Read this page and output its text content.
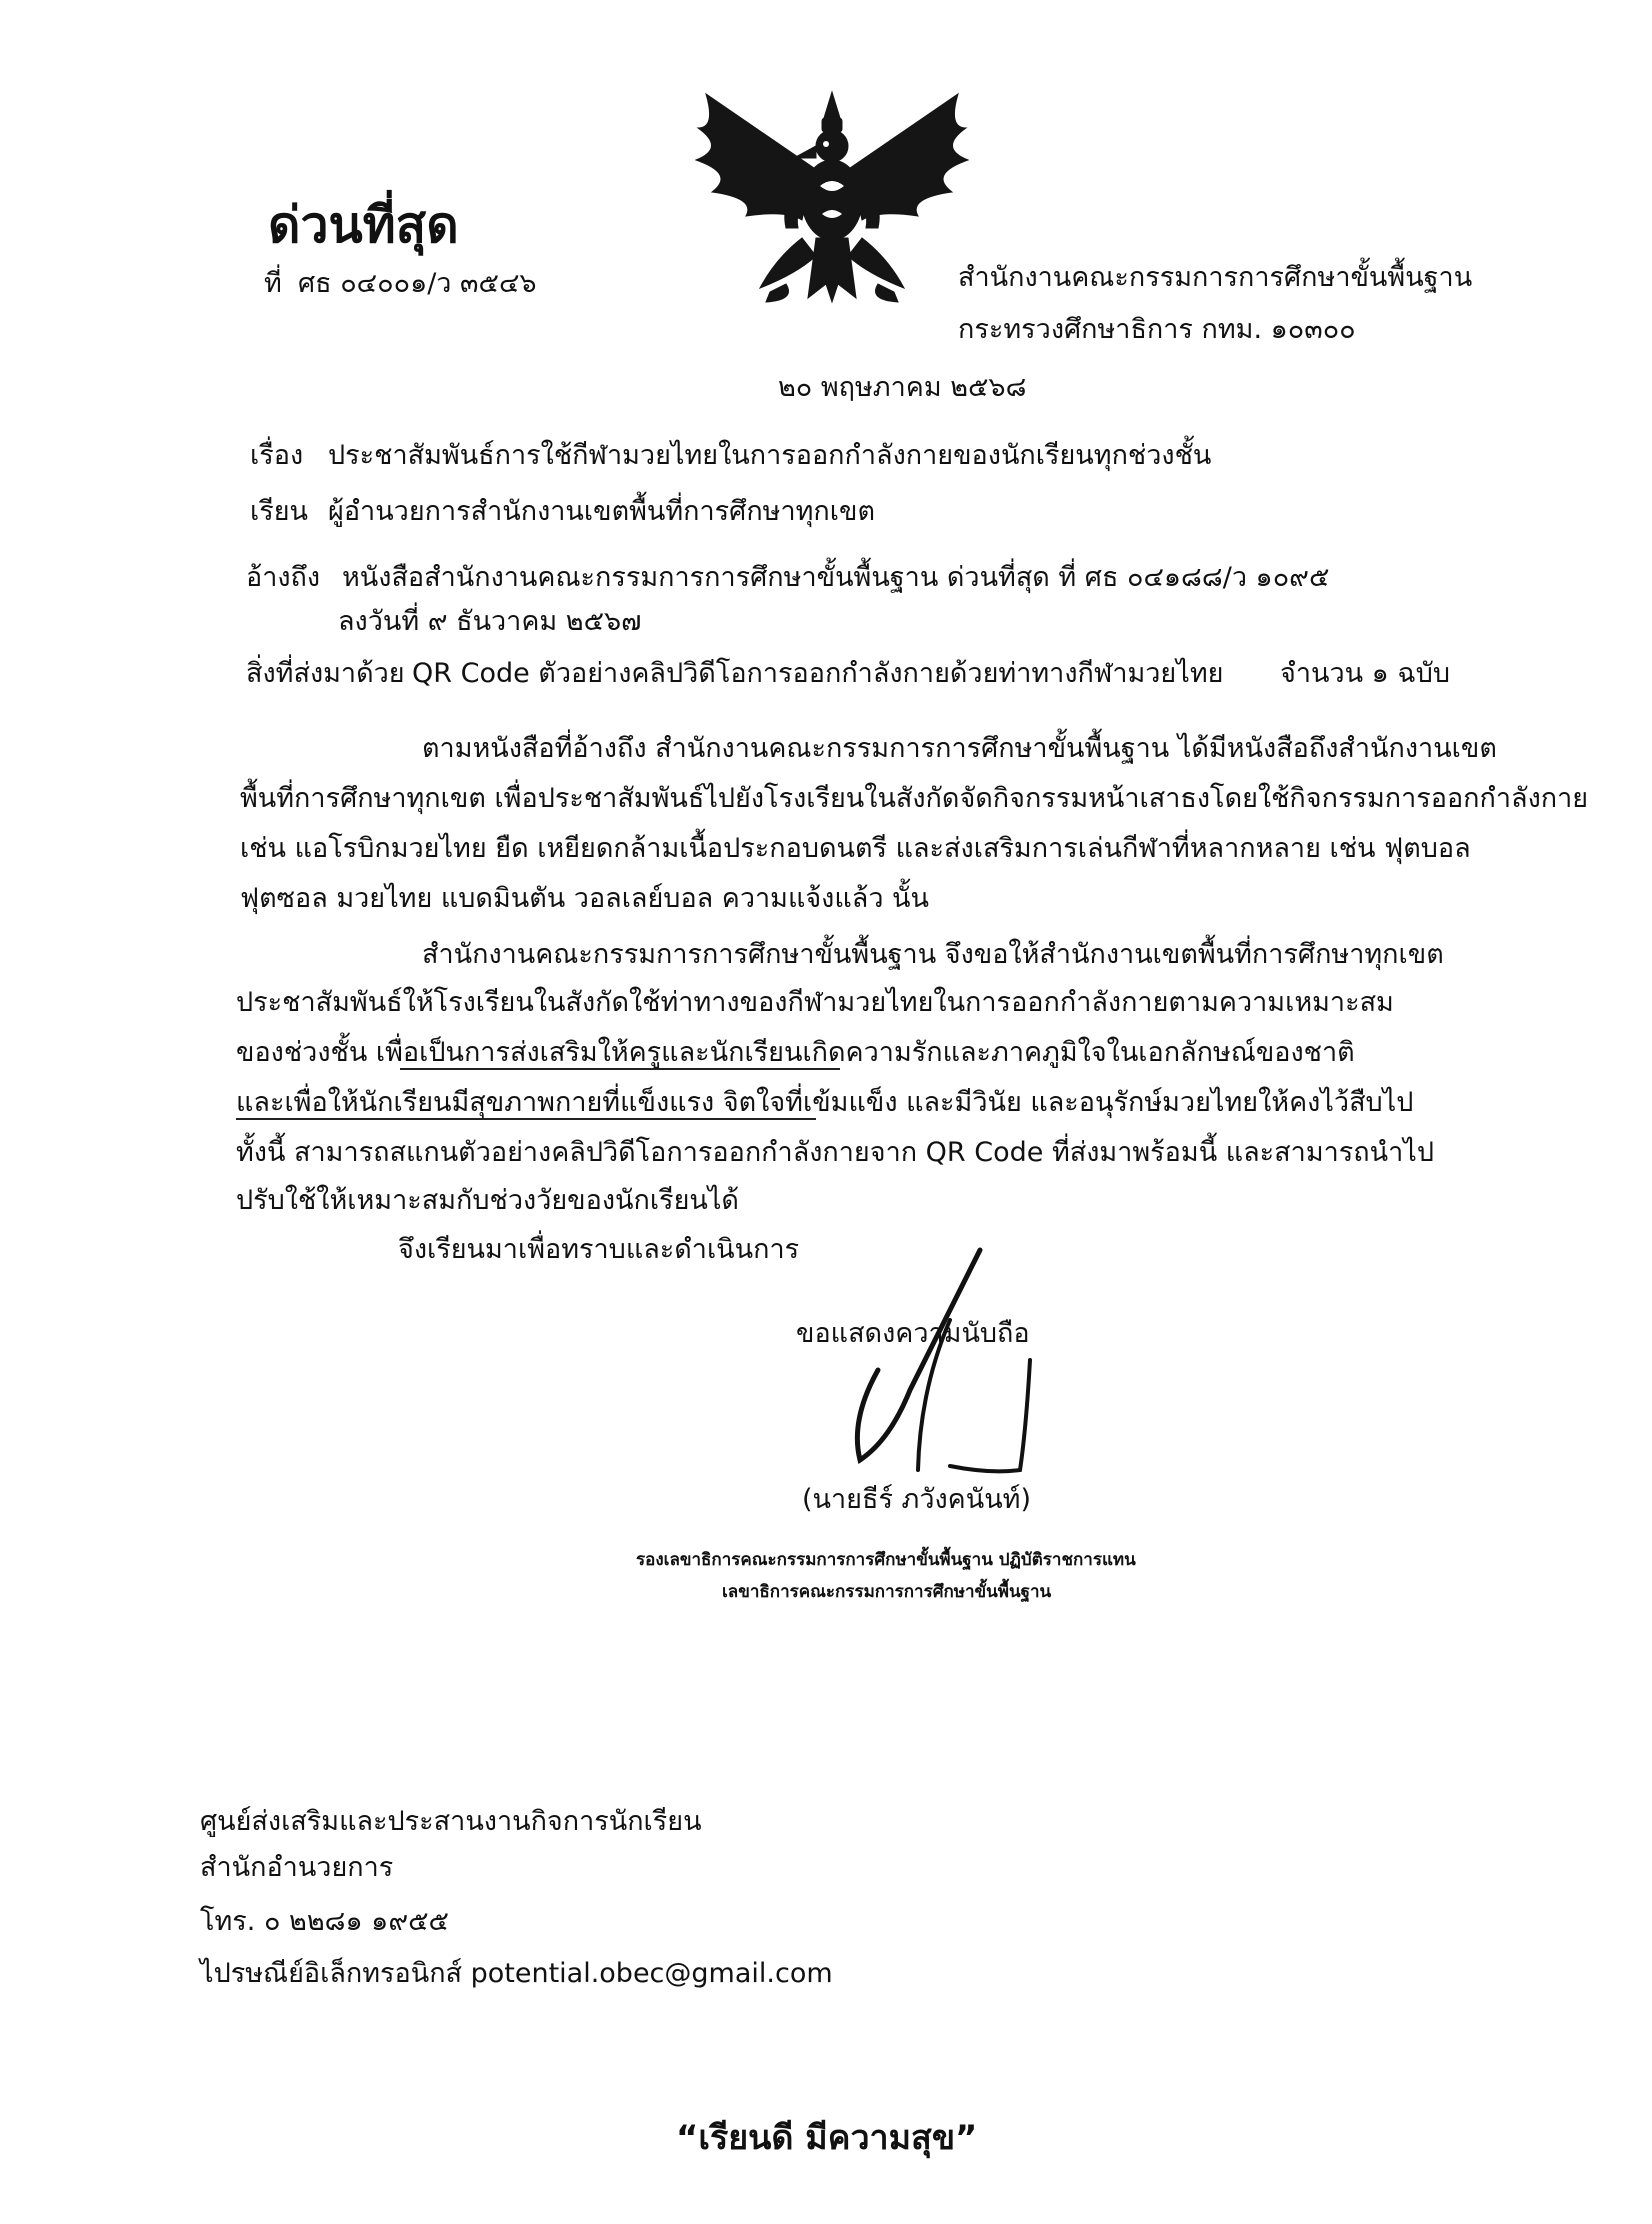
ด่วนที่สุด
ที่ ศธ ๐๔๐๐๑/ว ๓๕๔๖	สำนักงานคณะกรรมการการศึกษาขั้นพื้นฐาน
กระทรวงศึกษาธิการ กทม. ๑๐๓๐๐
๒๐ พฤษภาคม ๒๕๖๘
เรื่อง ประชาสัมพันธ์การใช้กีฬามวยไทยในการออกกำลังกายของนักเรียนทุกช่วงชั้น
เรียน ผู้อำนวยการสำนักงานเขตพื้นที่การศึกษาทุกเขต
อ้างถึง หนังสือสำนักงานคณะกรรมการการศึกษาขั้นพื้นฐาน ด่วนที่สุด ที่ ศธ ๐๔๑๘๘/ว ๑๐๙๕
ลงวันที่ ๙ ธันวาคม ๒๕๖๗
สิ่งที่ส่งมาด้วย QR Code ตัวอย่างคลิปวิดีโอการออกกำลังกายด้วยท่าทางกีฬามวยไทย จำนวน ๑ ฉบับ

ตามหนังสือที่อ้างถึง สำนักงานคณะกรรมการการศึกษาขั้นพื้นฐาน ได้มีหนังสือถึงสำนักงานเขต

พื้นที่การศึกษาทุกเขต เพื่อประชาสัมพันธ์ไปยังโรงเรียนในสังกัดจัดกิจกรรมหน้าเสาธงโดยใช้กิจกรรมการออกกำลังกาย

เช่น แอโรบิกมวยไทย ยืด เหยียดกล้ามเนื้อประกอบดนตรี และส่งเสริมการเล่นกีฬาที่หลากหลาย เช่น ฟุตบอล

ฟุตซอล มวยไทย แบดมินตัน วอลเลย์บอล ความแจ้งแล้ว นั้น

สำนักงานคณะกรรมการการศึกษาขั้นพื้นฐาน จึงขอให้สำนักงานเขตพื้นที่การศึกษาทุกเขต

ประชาสัมพันธ์ให้โรงเรียนในสังกัดใช้ท่าทางของกีฬามวยไทยในการออกกำลังกายตามความเหมาะสม

ของช่วงชั้น เพื่อเป็นการส่งเสริมให้ครูและนักเรียนเกิดความรักและภาคภูมิใจในเอกลักษณ์ของชาติ

และเพื่อให้นักเรียนมีสุขภาพกายที่แข็งแรง จิตใจที่เข้มแข็ง และมีวินัย และอนุรักษ์มวยไทยให้คงไว้สืบไป

ทั้งนี้ สามารถสแกนตัวอย่างคลิปวิดีโอการออกกำลังกายจาก QR Code ที่ส่งมาพร้อมนี้ และสามารถนำไป

ปรับใช้ให้เหมาะสมกับช่วงวัยของนักเรียนได้

จึงเรียนมาเพื่อทราบและดำเนินการ
ขอแสดงความนับถือ
(นายธีร์ ภวังคนันท์)
รองเลขาธิการคณะกรรมการการศึกษาขั้นพื้นฐาน ปฏิบัติราชการแทน
เลขาธิการคณะกรรมการการศึกษาขั้นพื้นฐาน
ศูนย์ส่งเสริมและประสานงานกิจการนักเรียน
สำนักอำนวยการ
โทร. ๐ ๒๒๘๑ ๑๙๕๕
ไปรษณีย์อิเล็กทรอนิกส์ potential.obec@gmail.com
“เรียนดี มีความสุข”
